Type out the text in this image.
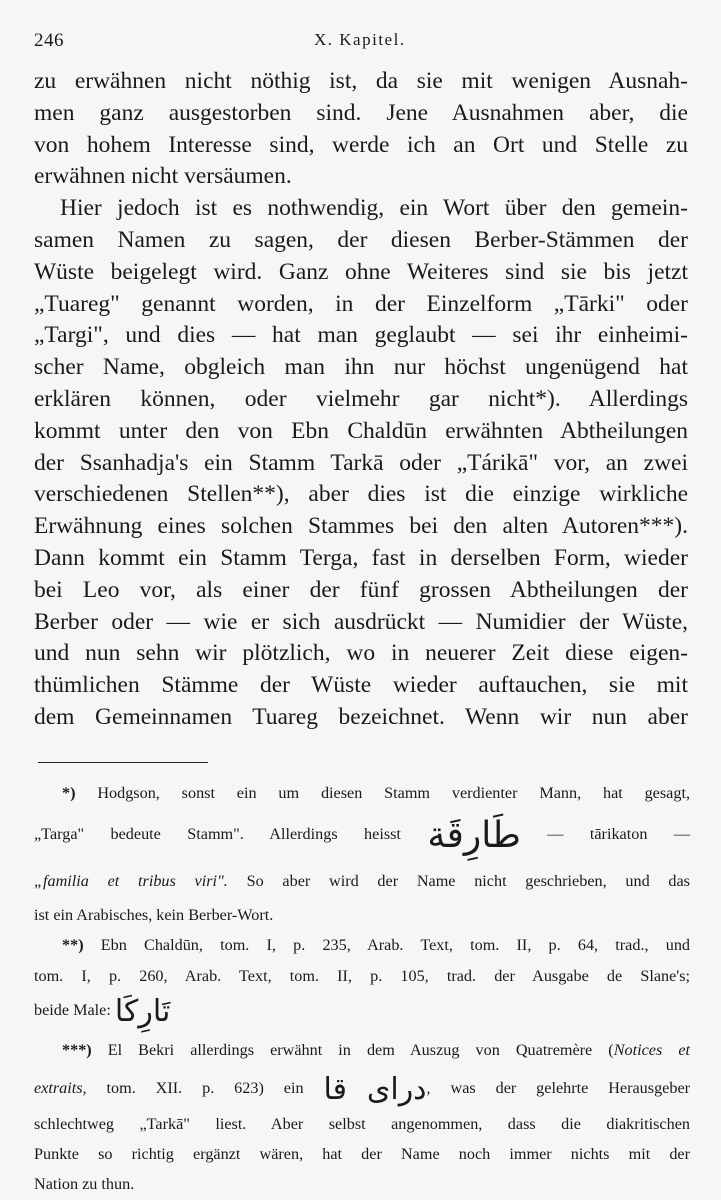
246	X. Kapitel.
zu erwähnen nicht nöthig ist, da sie mit wenigen Ausnah-
men ganz ausgestorben sind. Jene Ausnahmen aber, die
von hohem Interesse sind, werde ich an Ort und Stelle zu
erwähnen nicht versäumen.
Hier jedoch ist es nothwendig, ein Wort über den gemein-
samen Namen zu sagen, der diesen Berber-Stämmen der
Wüste beigelegt wird. Ganz ohne Weiteres sind sie bis jetzt
„Tuareg" genannt worden, in der Einzelform „Tārki" oder
„Targi", und dies — hat man geglaubt — sei ihr einheimi-
scher Name, obgleich man ihn nur höchst ungenügend hat
erklären können, oder vielmehr gar nicht*). Allerdings
kommt unter den von Ebn Chaldūn erwähnten Abtheilungen
der Ssanhadja's ein Stamm Tarkā oder „Tárikā" vor, an zwei
verschiedenen Stellen**), aber dies ist die einzige wirkliche
Erwähnung eines solchen Stammes bei den alten Autoren***).
Dann kommt ein Stamm Terga, fast in derselben Form, wieder
bei Leo vor, als einer der fünf grossen Abtheilungen der
Berber oder — wie er sich ausdrückt — Numidier der Wüste,
und nun sehn wir plötzlich, wo in neuerer Zeit diese eigen-
thümlichen Stämme der Wüste wieder auftauchen, sie mit
dem Gemeinnamen Tuareg bezeichnet. Wenn wir nun aber
*) Hodgson, sonst ein um diesen Stamm verdienter Mann, hat gesagt,
„Targa" bedeute Stamm". Allerdings heisst طَارِقَة — tārikaton —
„familia et tribus viri". So aber wird der Name nicht geschrieben, und das
ist ein Arabisches, kein Berber-Wort.
**) Ebn Chaldūn, tom. I, p. 235, Arab. Text, tom. II, p. 64, trad., und
tom. I, p. 260, Arab. Text, tom. II, p. 105, trad. der Ausgabe de Slane's;
beide Male: تَارِكَا
***) El Bekri allerdings erwähnt in dem Auszug von Quatremère (Notices et
extraits, tom. XII. p. 623) ein قا دراى, was der gelehrte Herausgeber
schlechtweg „Tarkā" liest. Aber selbst angenommen, dass die diakritischen
Punkte so richtig ergänzt wären, hat der Name noch immer nichts mit der
Nation zu thun.
